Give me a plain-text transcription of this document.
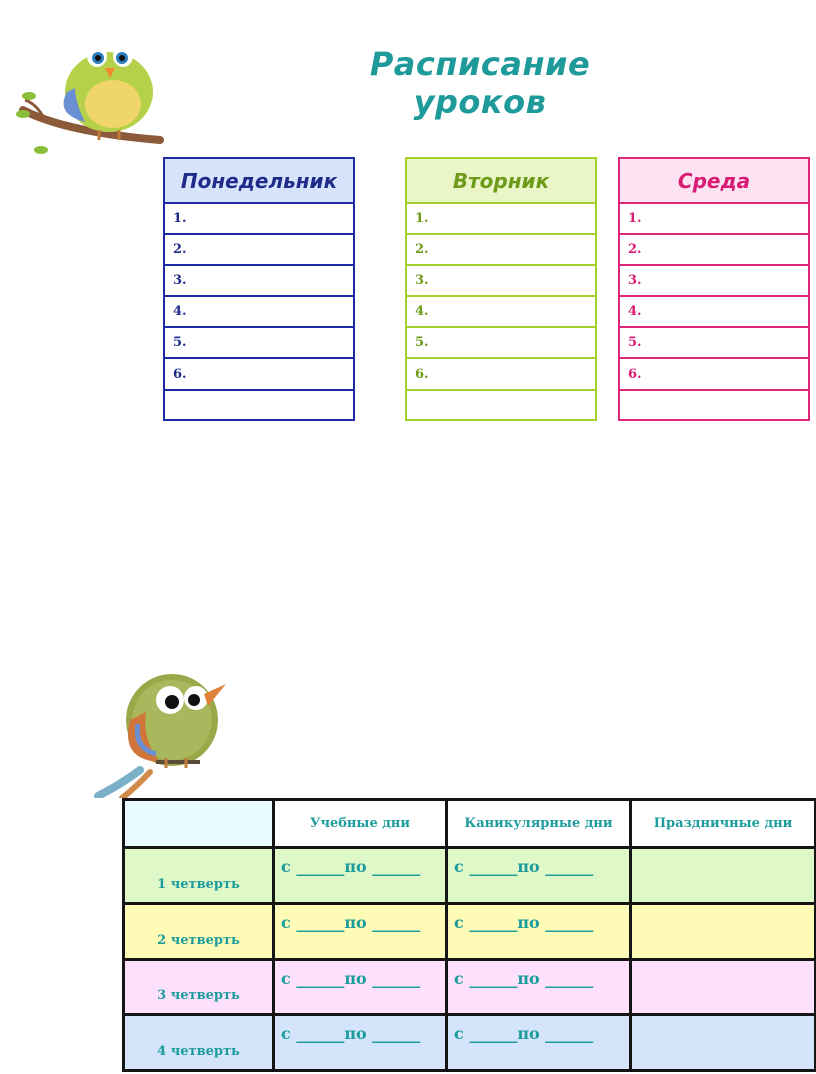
Расписание уроков
Понедельник
1.
2.
3.
4.
5.
6.
Вторник
1.
2.
3.
4.
5.
6.
Среда
1.
2.
3.
4.
5.
6.
	Учебные дни	Каникулярные дни	Праздничные дни
1 четверть	с ______по ______	с ______по ______	
2 четверть	с ______по ______	с ______по ______	
3 четверть	с ______по ______	с ______по ______	
4 четверть	с ______по ______	с ______по ______	
